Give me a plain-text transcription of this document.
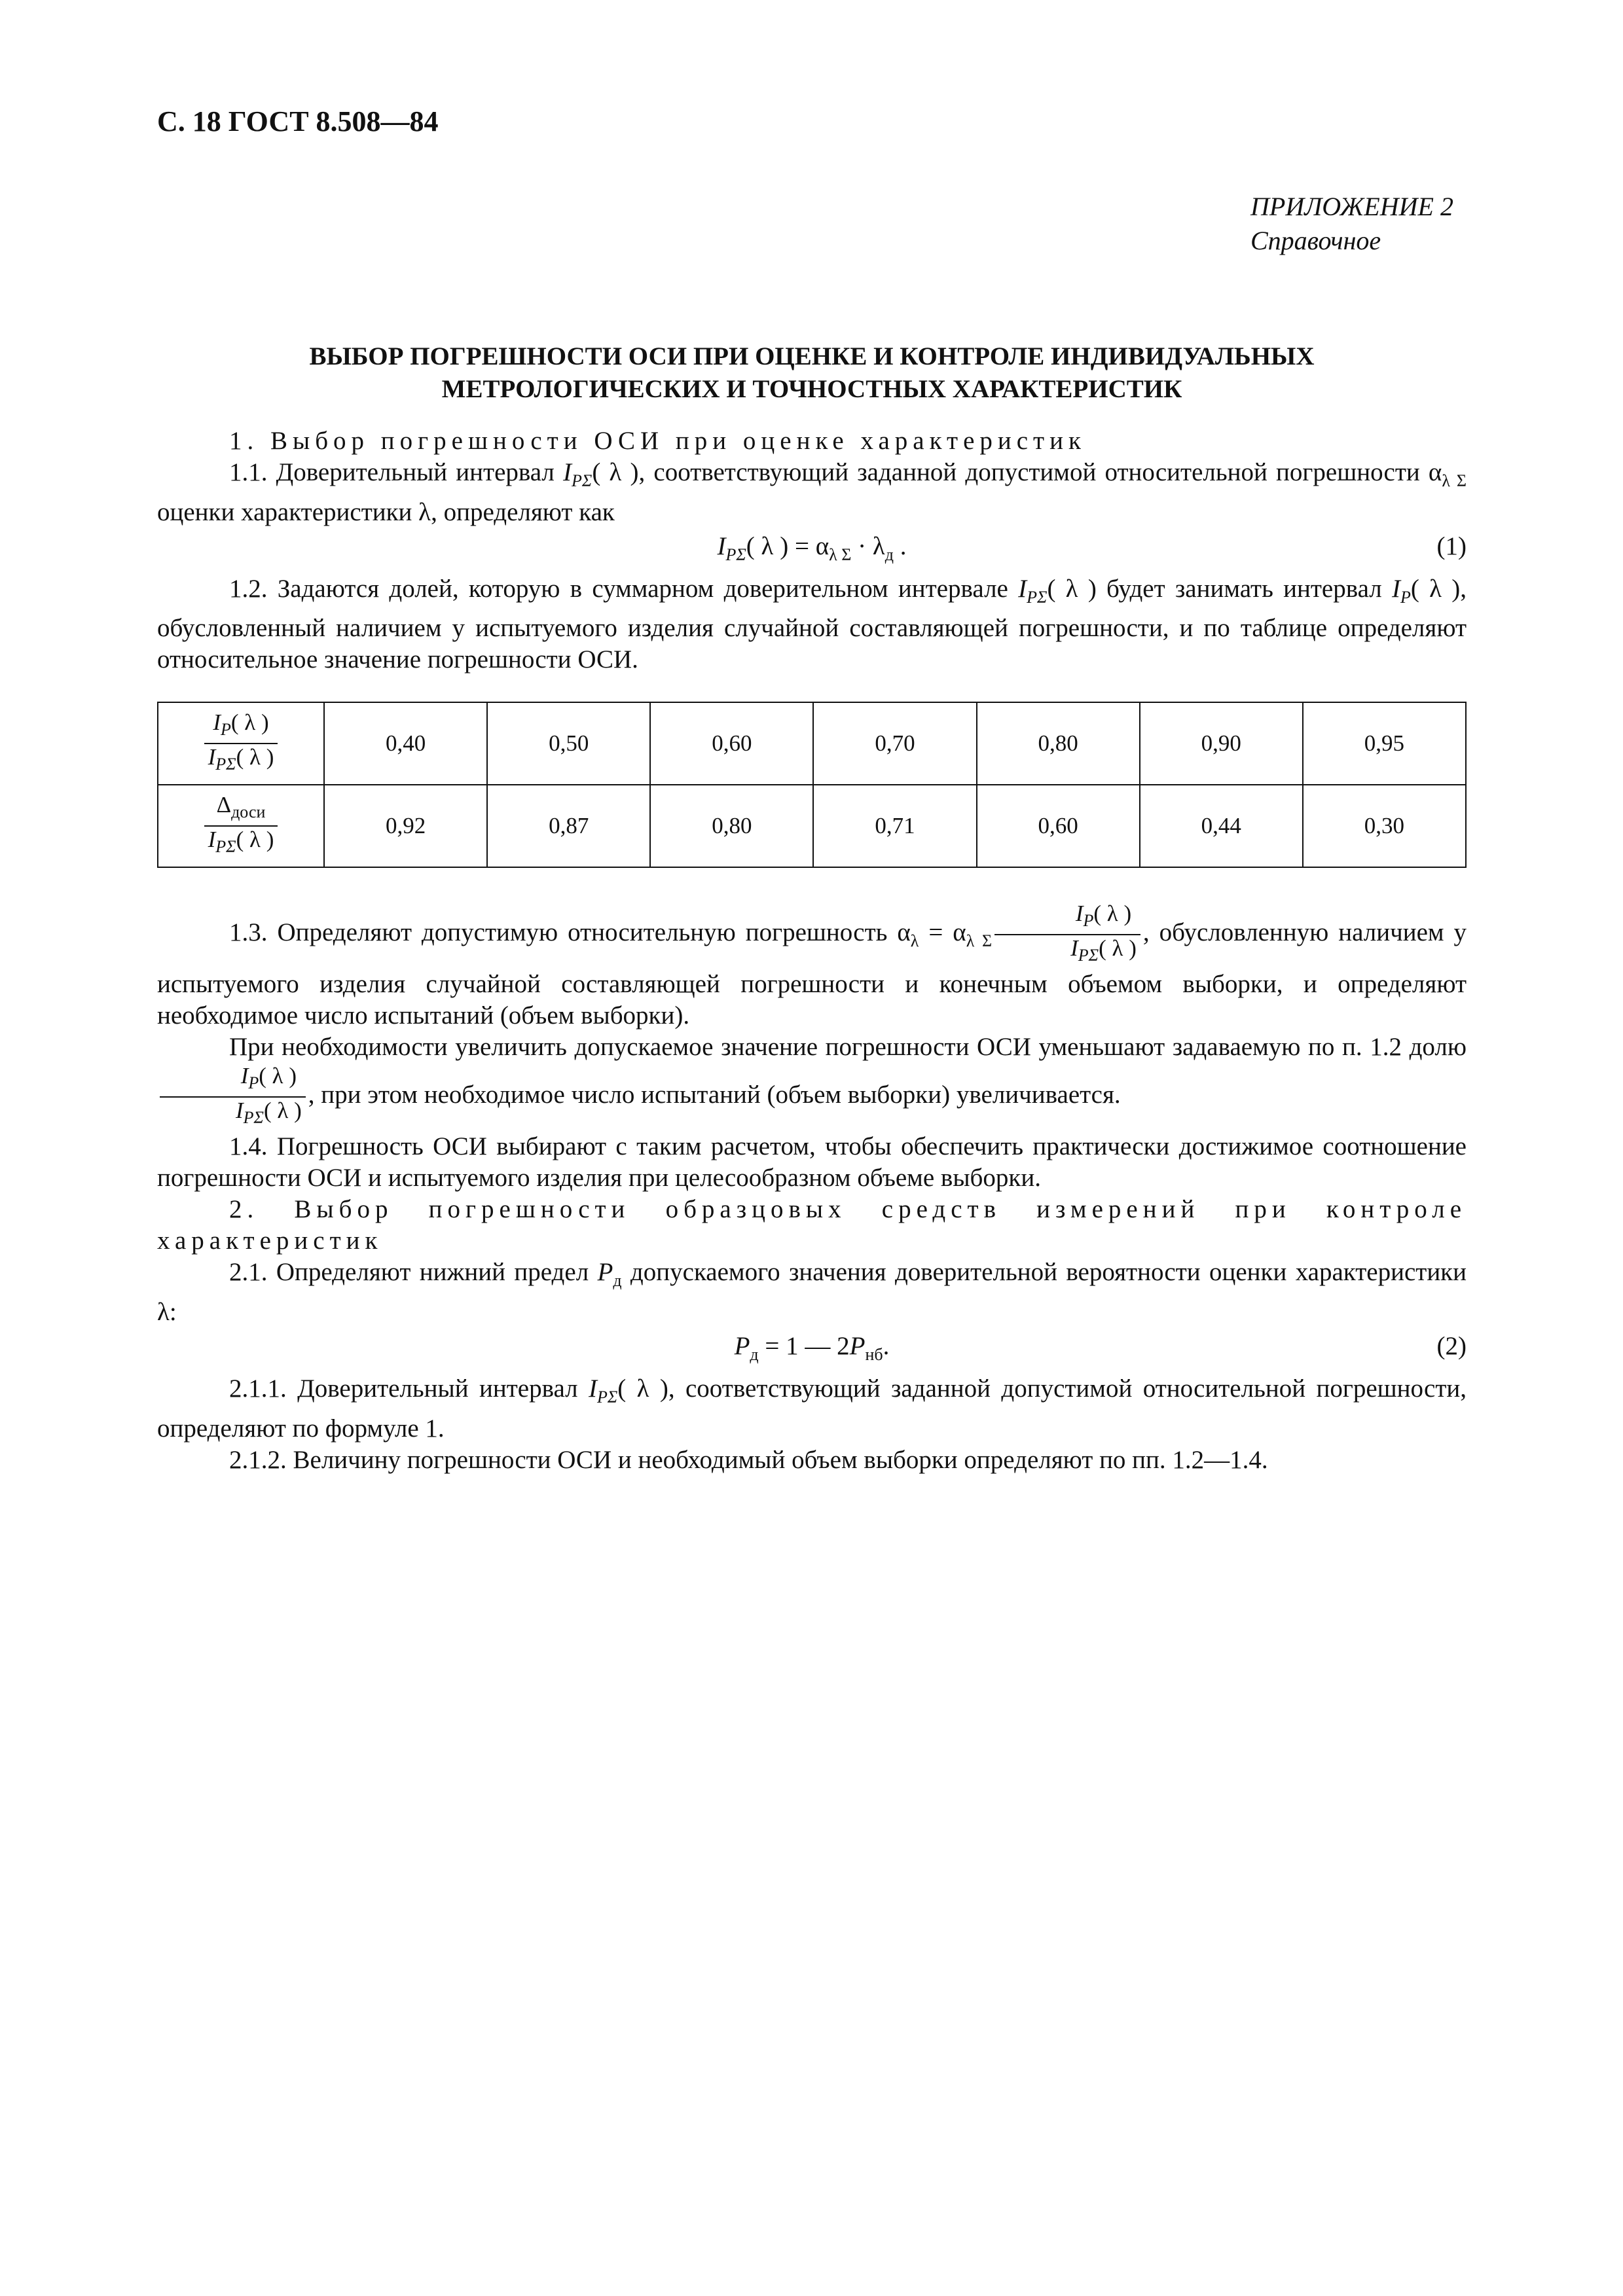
С. 18 ГОСТ 8.508—84
ПРИЛОЖЕНИЕ 2

Справочное
ВЫБОР ПОГРЕШНОСТИ ОСИ ПРИ ОЦЕНКЕ И КОНТРОЛЕ ИНДИВИДУАЛЬНЫХ
МЕТРОЛОГИЧЕСКИХ И ТОЧНОСТНЫХ ХАРАКТЕРИСТИК

1. Выбор погрешности ОСИ при оценке характеристик

1.1. Доверительный интервал $I_{P\Sigma}$( λ ), соответствующий заданной допустимой относительной погрешности $\alpha_{\lambda \Sigma}$ оценки характеристики λ, определяют как

$I_{P\Sigma}$( λ ) = $\alpha_{\lambda \Sigma} \cdot \lambda_д$ .	(1)

1.2. Задаются долей, которую в суммарном доверительном интервале $I_{P\Sigma}$( λ ) будет занимать интервал $I_P$( λ ), обусловленный наличием у испытуемого изделия случайной составляющей погрешности, и по таблице определяют относительное значение погрешности ОСИ.

$\frac{I_P( \lambda )}{I_{P\Sigma}( \lambda )}$	0,40	0,50	0,60	0,70	0,80	0,90	0,95

$\frac{\Delta_{доси}}{I_{P\Sigma}( \lambda )}$	0,92	0,87	0,80	0,71	0,60	0,44	0,30

1.3. Определяют допустимую относительную погрешность $\alpha_\lambda = \alpha_{\lambda \Sigma} \frac{I_P( \lambda )}{I_{P\Sigma}( \lambda )}$ , обусловленную наличием у испытуемого изделия случайной составляющей погрешности и конечным объемом выборки, и определяют необходимое число испытаний (объем выборки).

При необходимости увеличить допускаемое значение погрешности ОСИ уменьшают задаваемую по п. 1.2 долю
$\frac{I_P( \lambda )}{I_{P\Sigma}( \lambda )}$ , при этом необходимое число испытаний (объем выборки) увеличивается.

1.4. Погрешность ОСИ выбирают с таким расчетом, чтобы обеспечить практически достижимое соотношение погрешности ОСИ и испытуемого изделия при целесообразном объеме выборки.

2. Выбор погрешности образцовых средств измерений при контроле характеристик

2.1. Определяют нижний предел $P_д$ допускаемого значения доверительной вероятности оценки характеристики λ:

$P_д = 1$ — $2P_{нб}$.	(2)

2.1.1. Доверительный интервал $I_{P\Sigma}$( λ ), соответствующий заданной допустимой относительной погрешности, определяют по формуле 1.

2.1.2. Величину погрешности ОСИ и необходимый объем выборки определяют по пп. 1.2—1.4.
